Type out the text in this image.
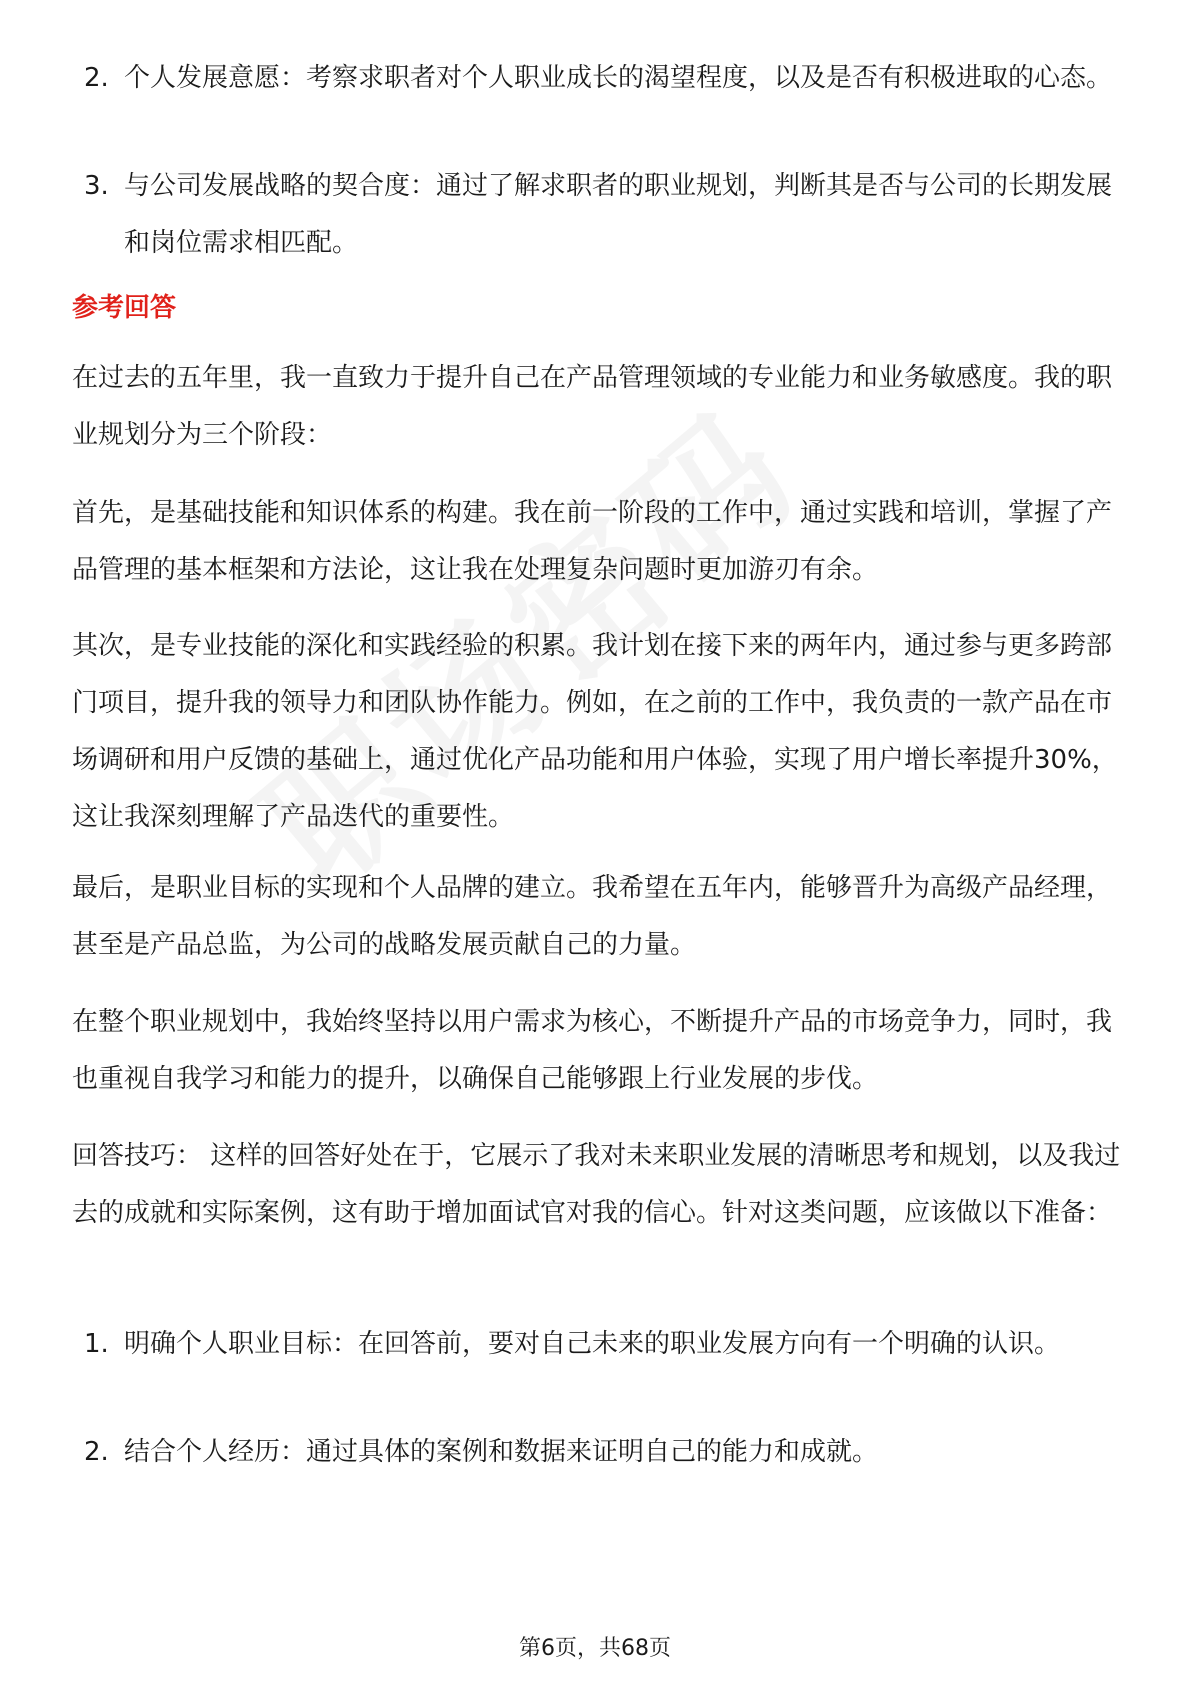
2. 个人发展意愿：考察求职者对个人职业成长的渴望程度，以及是否有积极进取的心态。
3. 与公司发展战略的契合度：通过了解求职者的职业规划，判断其是否与公司的长期发展和岗位需求相匹配。
参考回答

在过去的五年里，我一直致力于提升自己在产品管理领域的专业能力和业务敏感度。我的职业规划分为三个阶段：

首先，是基础技能和知识体系的构建。我在前一阶段的工作中，通过实践和培训，掌握了产品管理的基本框架和方法论，这让我在处理复杂问题时更加游刃有余。

其次，是专业技能的深化和实践经验的积累。我计划在接下来的两年内，通过参与更多跨部门项目，提升我的领导力和团队协作能力。例如，在之前的工作中，我负责的一款产品在市场调研和用户反馈的基础上，通过优化产品功能和用户体验，实现了用户增长率提升30%，这让我深刻理解了产品迭代的重要性。

最后，是职业目标的实现和个人品牌的建立。我希望在五年内，能够晋升为高级产品经理，甚至是产品总监，为公司的战略发展贡献自己的力量。

在整个职业规划中，我始终坚持以用户需求为核心，不断提升产品的市场竞争力，同时，我也重视自我学习和能力的提升，以确保自己能够跟上行业发展的步伐。

回答技巧： 这样的回答好处在于，它展示了我对未来职业发展的清晰思考和规划，以及我过去的成就和实际案例，这有助于增加面试官对我的信心。针对这类问题，应该做以下准备：

1. 明确个人职业目标：在回答前，要对自己未来的职业发展方向有一个明确的认识。
2. 结合个人经历：通过具体的案例和数据来证明自己的能力和成就。
第6页，共68页
